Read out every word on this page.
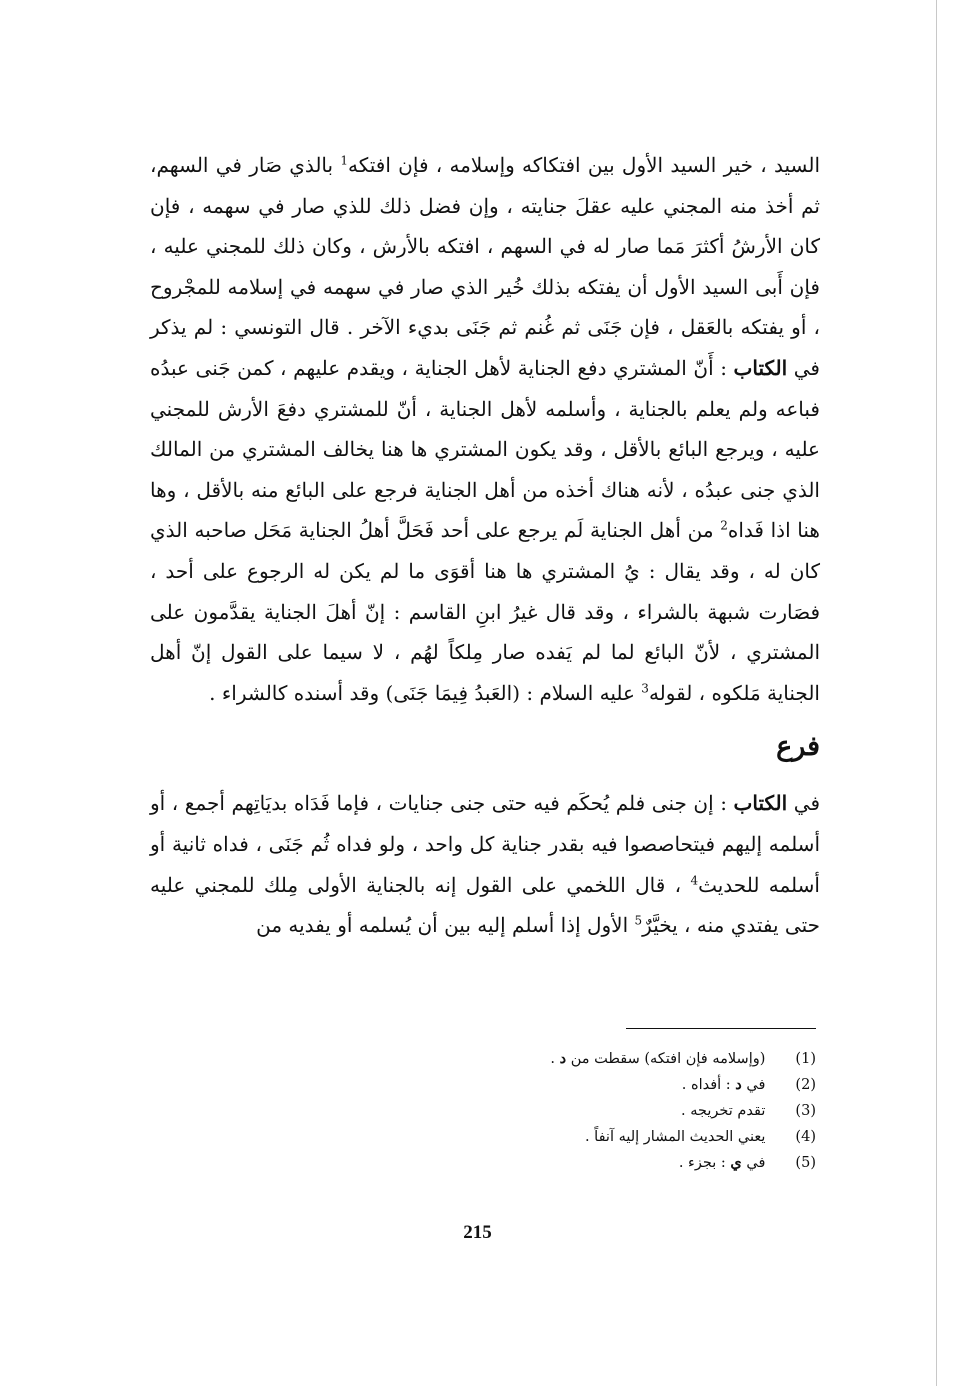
السيد ، خير السيد الأول بين افتكاكه وإسلامه ، فإن افتكه$^1$ بالذي صَار في السهم، ثم أخذ منه المجني عليه عقلَ جنايته ، وإن فضل ذلك للذي صار في سهمه ، فإن كان الأرشُ أكثرَ مَما صار له في السهم ، افتكه بالأرش ، وكان ذلك للمجني عليه ، فإن أَبى السيد الأول أن يفتكه بذلك خُير الذي صار في سهمه في إسلامه للمجْروح ، أو يفتكه بالعَقل ، فإن جَنَى ثم غُنم ثم جَنَى بديء الآخر . قال التونسي : لم يذكر في الكتاب : أَنّ المشتري دفع الجناية لأهل الجناية ، ويقدم عليهم ، كمن جَنى عبدُه فباعه ولم يعلم بالجناية ، وأسلمه لأهل الجناية ، أنّ للمشتري دفعَ الأرش للمجني عليه ، ويرجع البائع بالأقل ، وقد يكون المشتري ها هنا يخالف المشتري من المالك الذي جنى عبدُه ، لأنه هناك أخذه من أهل الجناية فرجع على البائع منه بالأقل ، وها هنا اذا فَداه$^2$ من أهل الجناية لَم يرجع على أحد فَحَلَّ أهلُ الجناية مَحَل صاحبه الذي كان له ، وقد يقال : يُ المشتري ها هنا أقوَى ما لم يكن له الرجوع على أحد ، فصَارت شبهة بالشراء ، وقد قال غيرُ ابنِ القاسم : إنّ أهلَ الجناية يقدَّمون على المشتري ، لأنّ البائع لما لم يَفده صار مِلكاً لهُم ، لا سيما على القول إنّ أهل الجناية مَلكوه ، لقوله$^3$ عليه السلام : (العَبدُ فِيمَا جَنَى) وقد أسنده كالشراء .

فرع

في الكتاب : إن جنى فلم يُحكَم فيه حتى جنى جنايات ، فإما فَدَاه بديَاتِهم أجمع ، أو أسلمه إليهم فيتحاصصوا فيه بقدر جناية كل واحد ، ولو فداه ثُم جَنَى ، فداه ثانية أو أسلمه للحديث$^4$ ، قال اللخمي على القول إنه بالجناية الأولى مِلك للمجني عليه حتى يفتدي منه ، يخيَّرٌ$^5$ الأول إذا أسلم إليه بين أن يُسلمه أو يفديه من

(1) (وإسلامه فإن افتكه) سقطت من د .
(2) في د : أفداه .
(3) تقدم تخريجه .
(4) يعني الحديث المشار إليه آنفاً .
(5) في ي : بجزء .
215
